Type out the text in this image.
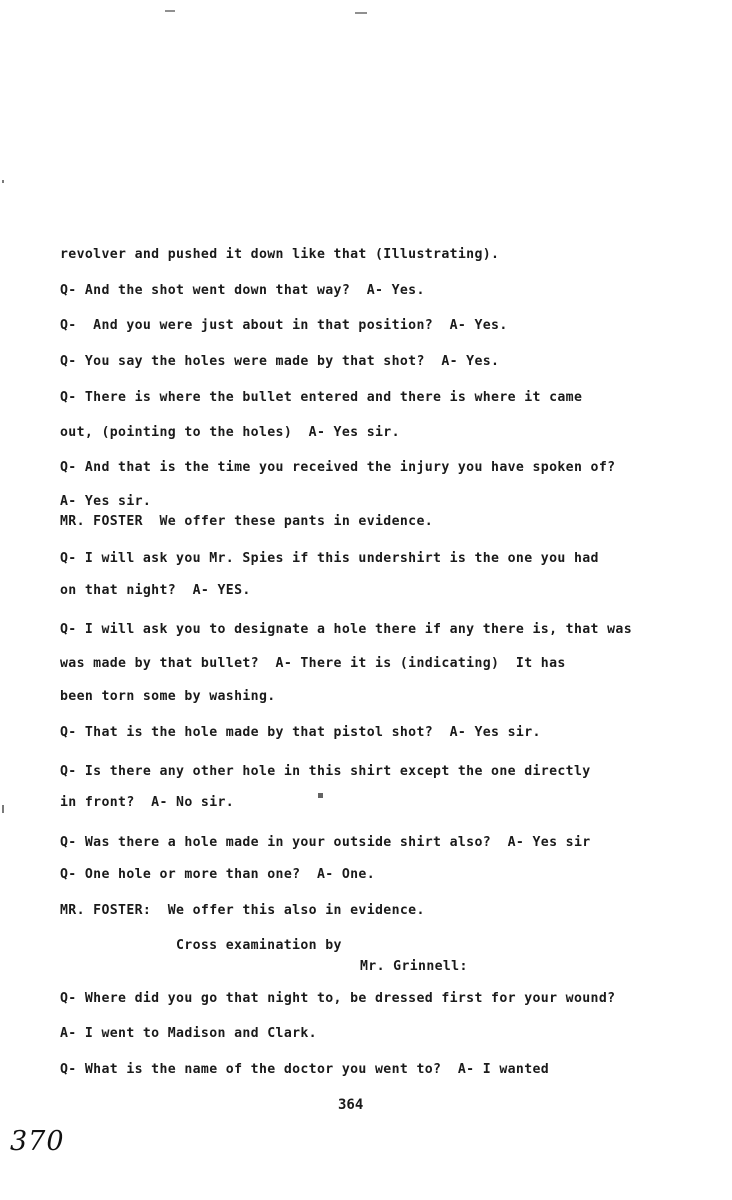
revolver and pushed it down like that (Illustrating).
Q- And the shot went down that way?  A- Yes.
Q-  And you were just about in that position?  A- Yes.
Q- You say the holes were made by that shot?  A- Yes.
Q- There is where the bullet entered and there is where it came
out, (pointing to the holes)  A- Yes sir.
Q- And that is the time you received the injury you have spoken of?
A- Yes sir.
MR. FOSTER  We offer these pants in evidence.
Q- I will ask you Mr. Spies if this undershirt is the one you had
on that night?  A- YES.
Q- I will ask you to designate a hole there if any there is, that was
was made by that bullet?  A- There it is (indicating)  It has
been torn some by washing.
Q- That is the hole made by that pistol shot?  A- Yes sir.
Q- Is there any other hole in this shirt except the one directly
in front?  A- No sir.
Q- Was there a hole made in your outside shirt also?  A- Yes sir
Q- One hole or more than one?  A- One.
MR. FOSTER:  We offer this also in evidence.
Cross examination by
Mr. Grinnell:
Q- Where did you go that night to, be dressed first for your wound?
A- I went to Madison and Clark.
Q- What is the name of the doctor you went to?  A- I wanted
364
370
